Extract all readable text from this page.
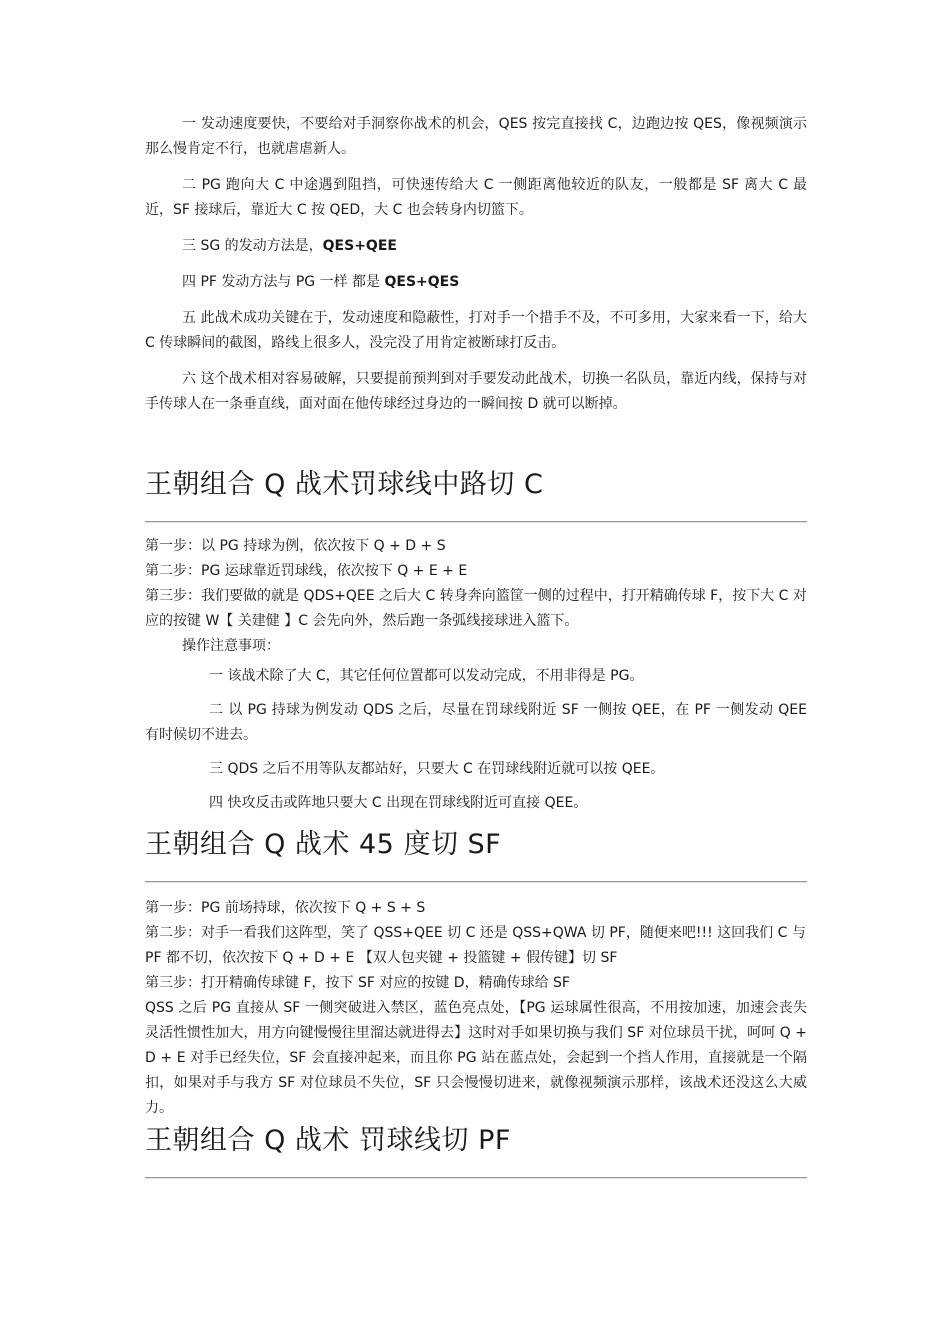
一 发动速度要快，不要给对手洞察你战术的机会，QES 按完直接找 C，边跑边按 QES，像视频演示那么慢肯定不行，也就虐虐新人。

二 PG 跑向大 C 中途遇到阻挡，可快速传给大 C 一侧距离他较近的队友，一般都是 SF 离大 C 最近，SF 接球后，靠近大 C 按 QED，大 C 也会转身内切篮下。

三 SG 的发动方法是，QES+QEE

四 PF 发动方法与 PG 一样 都是 QES+QES

五 此战术成功关键在于，发动速度和隐蔽性，打对手一个措手不及，不可多用，大家来看一下，给大 C 传球瞬间的截图，路线上很多人，没完没了用肯定被断球打反击。

六 这个战术相对容易破解，只要提前预判到对手要发动此战术，切换一名队员，靠近内线，保持与对手传球人在一条垂直线，面对面在他传球经过身边的一瞬间按 D 就可以断掉。

王朝组合 Q 战术罚球线中路切 C

第一步：以 PG 持球为例，依次按下 Q + D + S

第二步：PG 运球靠近罚球线，依次按下 Q + E + E

第三步：我们要做的就是 QDS+QEE 之后大 C 转身奔向篮筐一侧的过程中，打开精确传球 F，按下大 C 对应的按键 W【 关建健 】C 会先向外，然后跑一条弧线接球进入篮下。

操作注意事项：

一 该战术除了大 C，其它任何位置都可以发动完成，不用非得是 PG。

二 以 PG 持球为例发动 QDS 之后，尽量在罚球线附近 SF 一侧按 QEE，在 PF 一侧发动 QEE 有时候切不进去。

三 QDS 之后不用等队友都站好，只要大 C 在罚球线附近就可以按 QEE。

四 快攻反击或阵地只要大 C 出现在罚球线附近可直接 QEE。

王朝组合 Q 战术 45 度切 SF

第一步：PG 前场持球，依次按下 Q + S + S

第二步：对手一看我们这阵型，笑了 QSS+QEE 切 C 还是 QSS+QWA 切 PF，随便来吧!!! 这回我们 C 与 PF 都不切，依次按下 Q + D + E 【双人包夹键 + 投篮键 + 假传键】切 SF

第三步：打开精确传球键 F，按下 SF 对应的按键 D，精确传球给 SF

QSS 之后 PG 直接从 SF 一侧突破进入禁区，蓝色亮点处，【PG 运球属性很高，不用按加速，加速会丧失灵活性惯性加大，用方向键慢慢往里溜达就进得去】这时对手如果切换与我们 SF 对位球员干扰，呵呵 Q + D + E 对手已经失位，SF 会直接冲起来，而且你 PG 站在蓝点处，会起到一个挡人作用，直接就是一个隔扣，如果对手与我方 SF 对位球员不失位，SF 只会慢慢切进来，就像视频演示那样，该战术还没这么大威力。

王朝组合 Q 战术 罚球线切 PF
